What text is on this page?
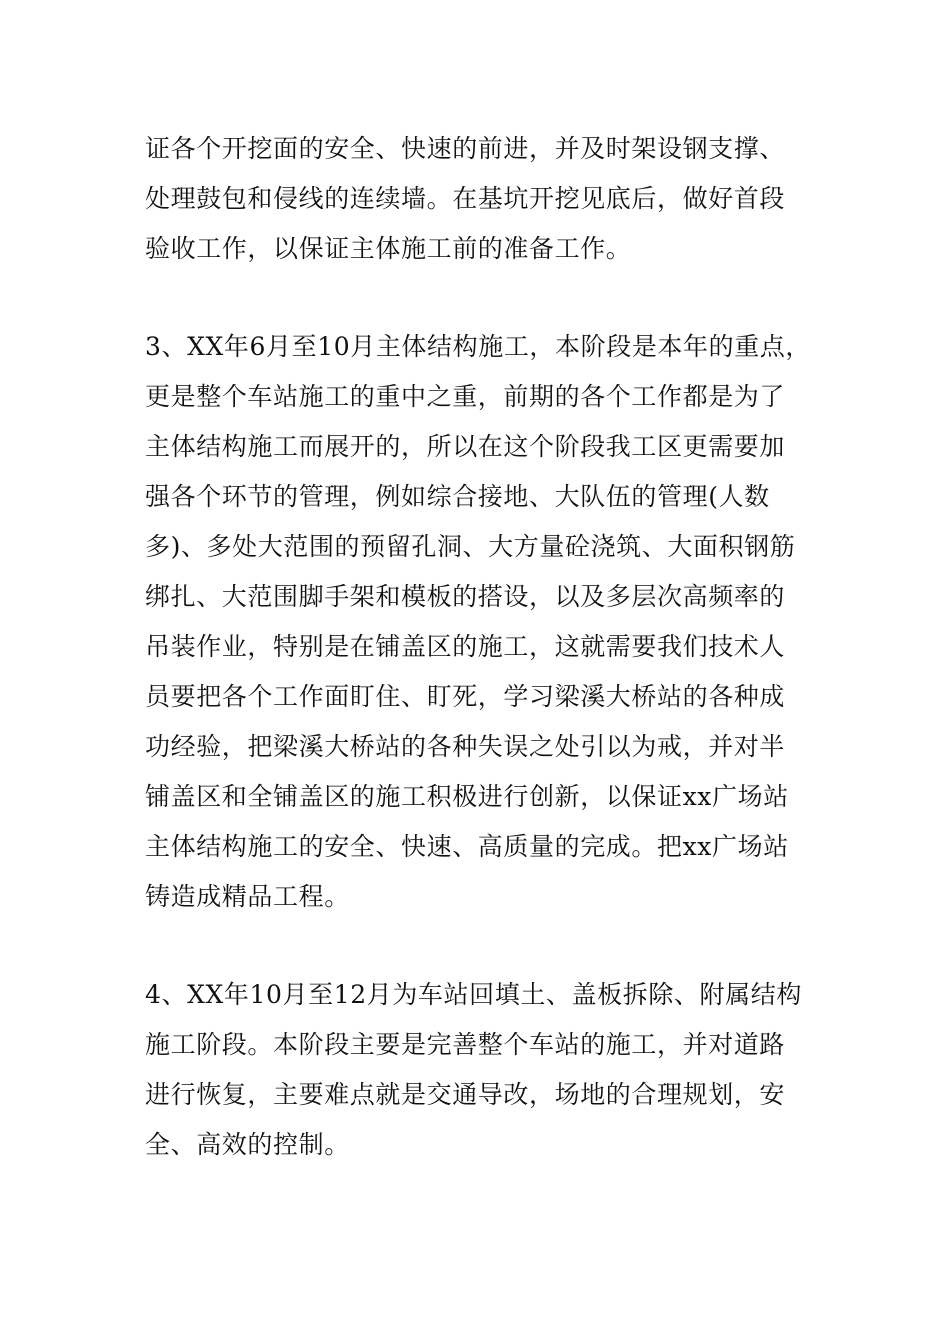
证各个开挖面的安全、快速的前进，并及时架设钢支撑、
处理鼓包和侵线的连续墙。在基坑开挖见底后，做好首段
验收工作，以保证主体施工前的准备工作。
3、XX年6月至10月主体结构施工，本阶段是本年的重点，
更是整个车站施工的重中之重，前期的各个工作都是为了
主体结构施工而展开的，所以在这个阶段我工区更需要加
强各个环节的管理，例如综合接地、大队伍的管理(人数
多)、多处大范围的预留孔洞、大方量砼浇筑、大面积钢筋
绑扎、大范围脚手架和模板的搭设，以及多层次高频率的
吊装作业，特别是在铺盖区的施工，这就需要我们技术人
员要把各个工作面盯住、盯死，学习梁溪大桥站的各种成
功经验，把梁溪大桥站的各种失误之处引以为戒，并对半
铺盖区和全铺盖区的施工积极进行创新，以保证xx广场站
主体结构施工的安全、快速、高质量的完成。把xx广场站
铸造成精品工程。
4、XX年10月至12月为车站回填土、盖板拆除、附属结构
施工阶段。本阶段主要是完善整个车站的施工，并对道路
进行恢复，主要难点就是交通导改，场地的合理规划，安
全、高效的控制。
